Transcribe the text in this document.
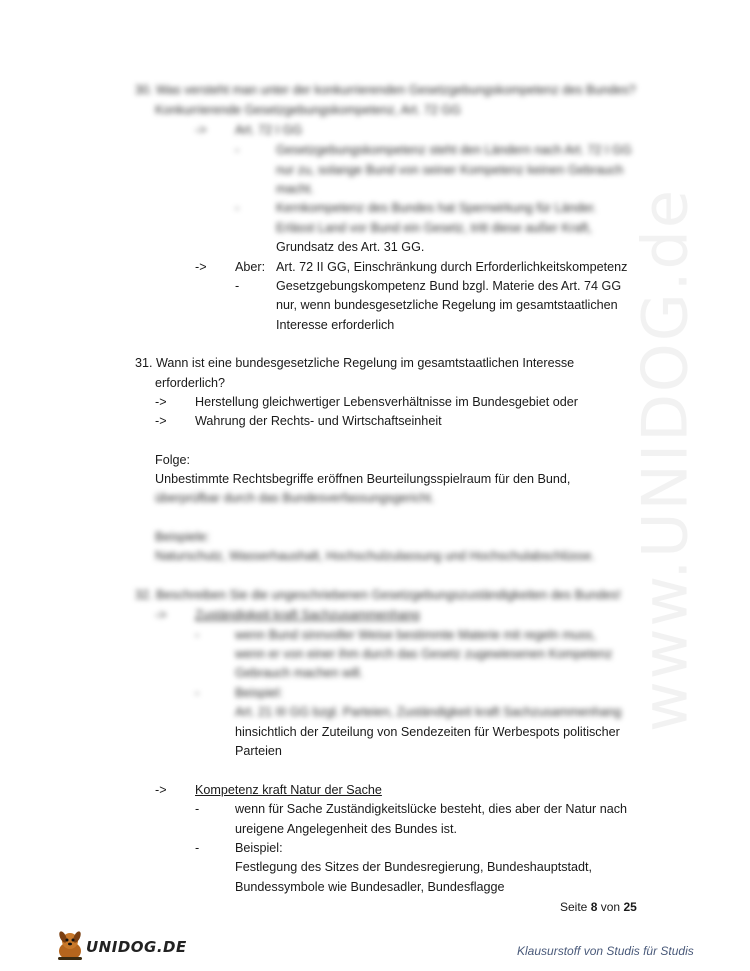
www.UNIDOG.de
30. Was versteht man unter der konkurrierenden Gesetzgebungskompetenz des Bundes?
Konkurrierende Gesetzgebungskompetenz, Art. 72 GG
-> Art. 72 I GG
-	Gesetzgebungskompetenz steht den Ländern nach Art. 72 I GG
nur zu, solange Bund von seiner Kompetenz keinen Gebrauch
macht.
-	Kernkompetenz des Bundes hat Sperrwirkung für Länder.
Erlässt Land vor Bund ein Gesetz, tritt diese außer Kraft,
Grundsatz des Art. 31 GG.
-> Aber: Art. 72 II GG, Einschränkung durch Erforderlichkeitskompetenz
-	Gesetzgebungskompetenz Bund bzgl. Materie des Art. 74 GG
nur, wenn bundesgesetzliche Regelung im gesamtstaatlichen
Interesse erforderlich
31. Wann ist eine bundesgesetzliche Regelung im gesamtstaatlichen Interesse
erforderlich?
-> Herstellung gleichwertiger Lebensverhältnisse im Bundesgebiet oder
-> Wahrung der Rechts- und Wirtschaftseinheit
Folge:
Unbestimmte Rechtsbegriffe eröffnen Beurteilungsspielraum für den Bund,
überprüfbar durch das Bundesverfassungsgericht.
Beispiele:
Naturschutz, Wasserhaushalt, Hochschulzulassung und Hochschulabschlüsse.
32. Beschreiben Sie die ungeschriebenen Gesetzgebungszuständigkeiten des Bundes!
-> Zuständigkeit kraft Sachzusammenhang
-	wenn Bund sinnvoller Weise bestimmte Materie mit regeln muss,
wenn er von einer ihm durch das Gesetz zugewiesenen Kompetenz
Gebrauch machen will.
-	Beispiel:
Art. 21 III GG bzgl. Parteien, Zuständigkeit kraft Sachzusammenhang
hinsichtlich der Zuteilung von Sendezeiten für Werbespots politischer
Parteien
-> Kompetenz kraft Natur der Sache
-	wenn für Sache Zuständigkeitslücke besteht, dies aber der Natur nach
ureigene Angelegenheit des Bundes ist.
-	Beispiel:
Festlegung des Sitzes der Bundesregierung, Bundeshauptstadt,
Bundessymbole wie Bundesadler, Bundesflagge
Seite 8 von 25
UNIDOG.DE	Klausurstoff von Studis für Studis
